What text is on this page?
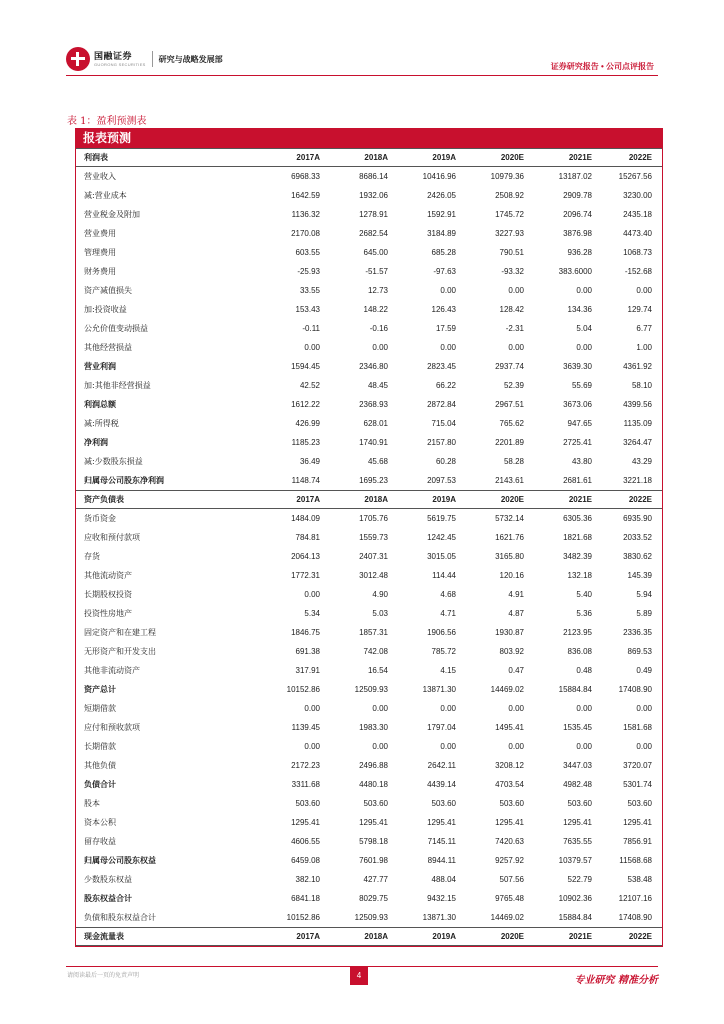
国融证券
GUORONG SECURITIES
研究与战略发展部
证券研究报告 • 公司点评报告
表 1：盈利预测表
报表预测
利润表	2017A	2018A	2019A	2020E	2021E	2022E
营业收入	6968.33	8686.14	10416.96	10979.36	13187.02	15267.56
减:营业成本	1642.59	1932.06	2426.05	2508.92	2909.78	3230.00
营业税金及附加	1136.32	1278.91	1592.91	1745.72	2096.74	2435.18
营业费用	2170.08	2682.54	3184.89	3227.93	3876.98	4473.40
管理费用	603.55	645.00	685.28	790.51	936.28	1068.73
财务费用	-25.93	-51.57	-97.63	-93.32	383.6000	-152.68
资产减值损失	33.55	12.73	0.00	0.00	0.00	0.00
加:投资收益	153.43	148.22	126.43	128.42	134.36	129.74
公允价值变动损益	-0.11	-0.16	17.59	-2.31	5.04	6.77
其他经营损益	0.00	0.00	0.00	0.00	0.00	1.00
营业利润	1594.45	2346.80	2823.45	2937.74	3639.30	4361.92
加:其他非经营损益	42.52	48.45	66.22	52.39	55.69	58.10
利润总额	1612.22	2368.93	2872.84	2967.51	3673.06	4399.56
减:所得税	426.99	628.01	715.04	765.62	947.65	1135.09
净利润	1185.23	1740.91	2157.80	2201.89	2725.41	3264.47
减:少数股东损益	36.49	45.68	60.28	58.28	43.80	43.29
归属母公司股东净利润	1148.74	1695.23	2097.53	2143.61	2681.61	3221.18
资产负债表	2017A	2018A	2019A	2020E	2021E	2022E
货币资金	1484.09	1705.76	5619.75	5732.14	6305.36	6935.90
应收和预付款项	784.81	1559.73	1242.45	1621.76	1821.68	2033.52
存货	2064.13	2407.31	3015.05	3165.80	3482.39	3830.62
其他流动资产	1772.31	3012.48	114.44	120.16	132.18	145.39
长期股权投资	0.00	4.90	4.68	4.91	5.40	5.94
投资性房地产	5.34	5.03	4.71	4.87	5.36	5.89
固定资产和在建工程	1846.75	1857.31	1906.56	1930.87	2123.95	2336.35
无形资产和开发支出	691.38	742.08	785.72	803.92	836.08	869.53
其他非流动资产	317.91	16.54	4.15	0.47	0.48	0.49
资产总计	10152.86	12509.93	13871.30	14469.02	15884.84	17408.90
短期借款	0.00	0.00	0.00	0.00	0.00	0.00
应付和预收款项	1139.45	1983.30	1797.04	1495.41	1535.45	1581.68
长期借款	0.00	0.00	0.00	0.00	0.00	0.00
其他负债	2172.23	2496.88	2642.11	3208.12	3447.03	3720.07
负债合计	3311.68	4480.18	4439.14	4703.54	4982.48	5301.74
股本	503.60	503.60	503.60	503.60	503.60	503.60
资本公积	1295.41	1295.41	1295.41	1295.41	1295.41	1295.41
留存收益	4606.55	5798.18	7145.11	7420.63	7635.55	7856.91
归属母公司股东权益	6459.08	7601.98	8944.11	9257.92	10379.57	11568.68
少数股东权益	382.10	427.77	488.04	507.56	522.79	538.48
股东权益合计	6841.18	8029.75	9432.15	9765.48	10902.36	12107.16
负债和股东权益合计	10152.86	12509.93	13871.30	14469.02	15884.84	17408.90
现金流量表	2017A	2018A	2019A	2020E	2021E	2022E
请阅读最后一页的免责声明	4	专业研究 精准分析
